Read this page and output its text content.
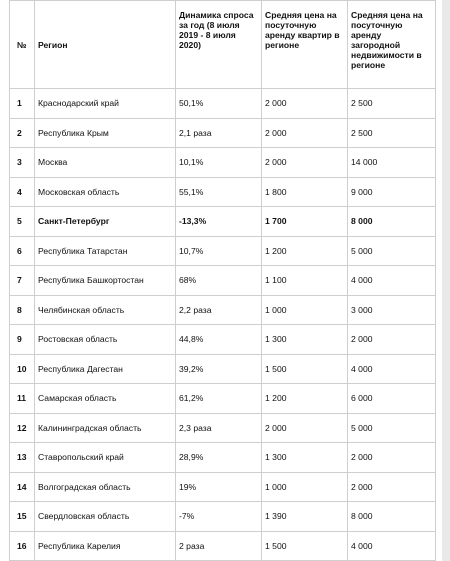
№	Регион	Динамика спроса за год (8 июля 2019 - 8 июля 2020)	Средняя цена на посуточную аренду квартир в регионе	Средняя цена на посуточную аренду загородной недвижимости в регионе
1	Краснодарский край	50,1%	2 000	2 500
2	Республика Крым	2,1 раза	2 000	2 500
3	Москва	10,1%	2 000	14 000
4	Московская область	55,1%	1 800	9 000
5	Санкт-Петербург	-13,3%	1 700	8 000
6	Республика Татарстан	10,7%	1 200	5 000
7	Республика Башкортостан	68%	1 100	4 000
8	Челябинская область	2,2 раза	1 000	3 000
9	Ростовская область	44,8%	1 300	2 000
10	Республика Дагестан	39,2%	1 500	4 000
11	Самарская область	61,2%	1 200	6 000
12	Калининградская область	2,3 раза	2 000	5 000
13	Ставропольский край	28,9%	1 300	2 000
14	Волгоградская область	19%	1 000	2 000
15	Свердловская область	-7%	1 390	8 000
16	Республика Карелия	2 раза	1 500	4 000
